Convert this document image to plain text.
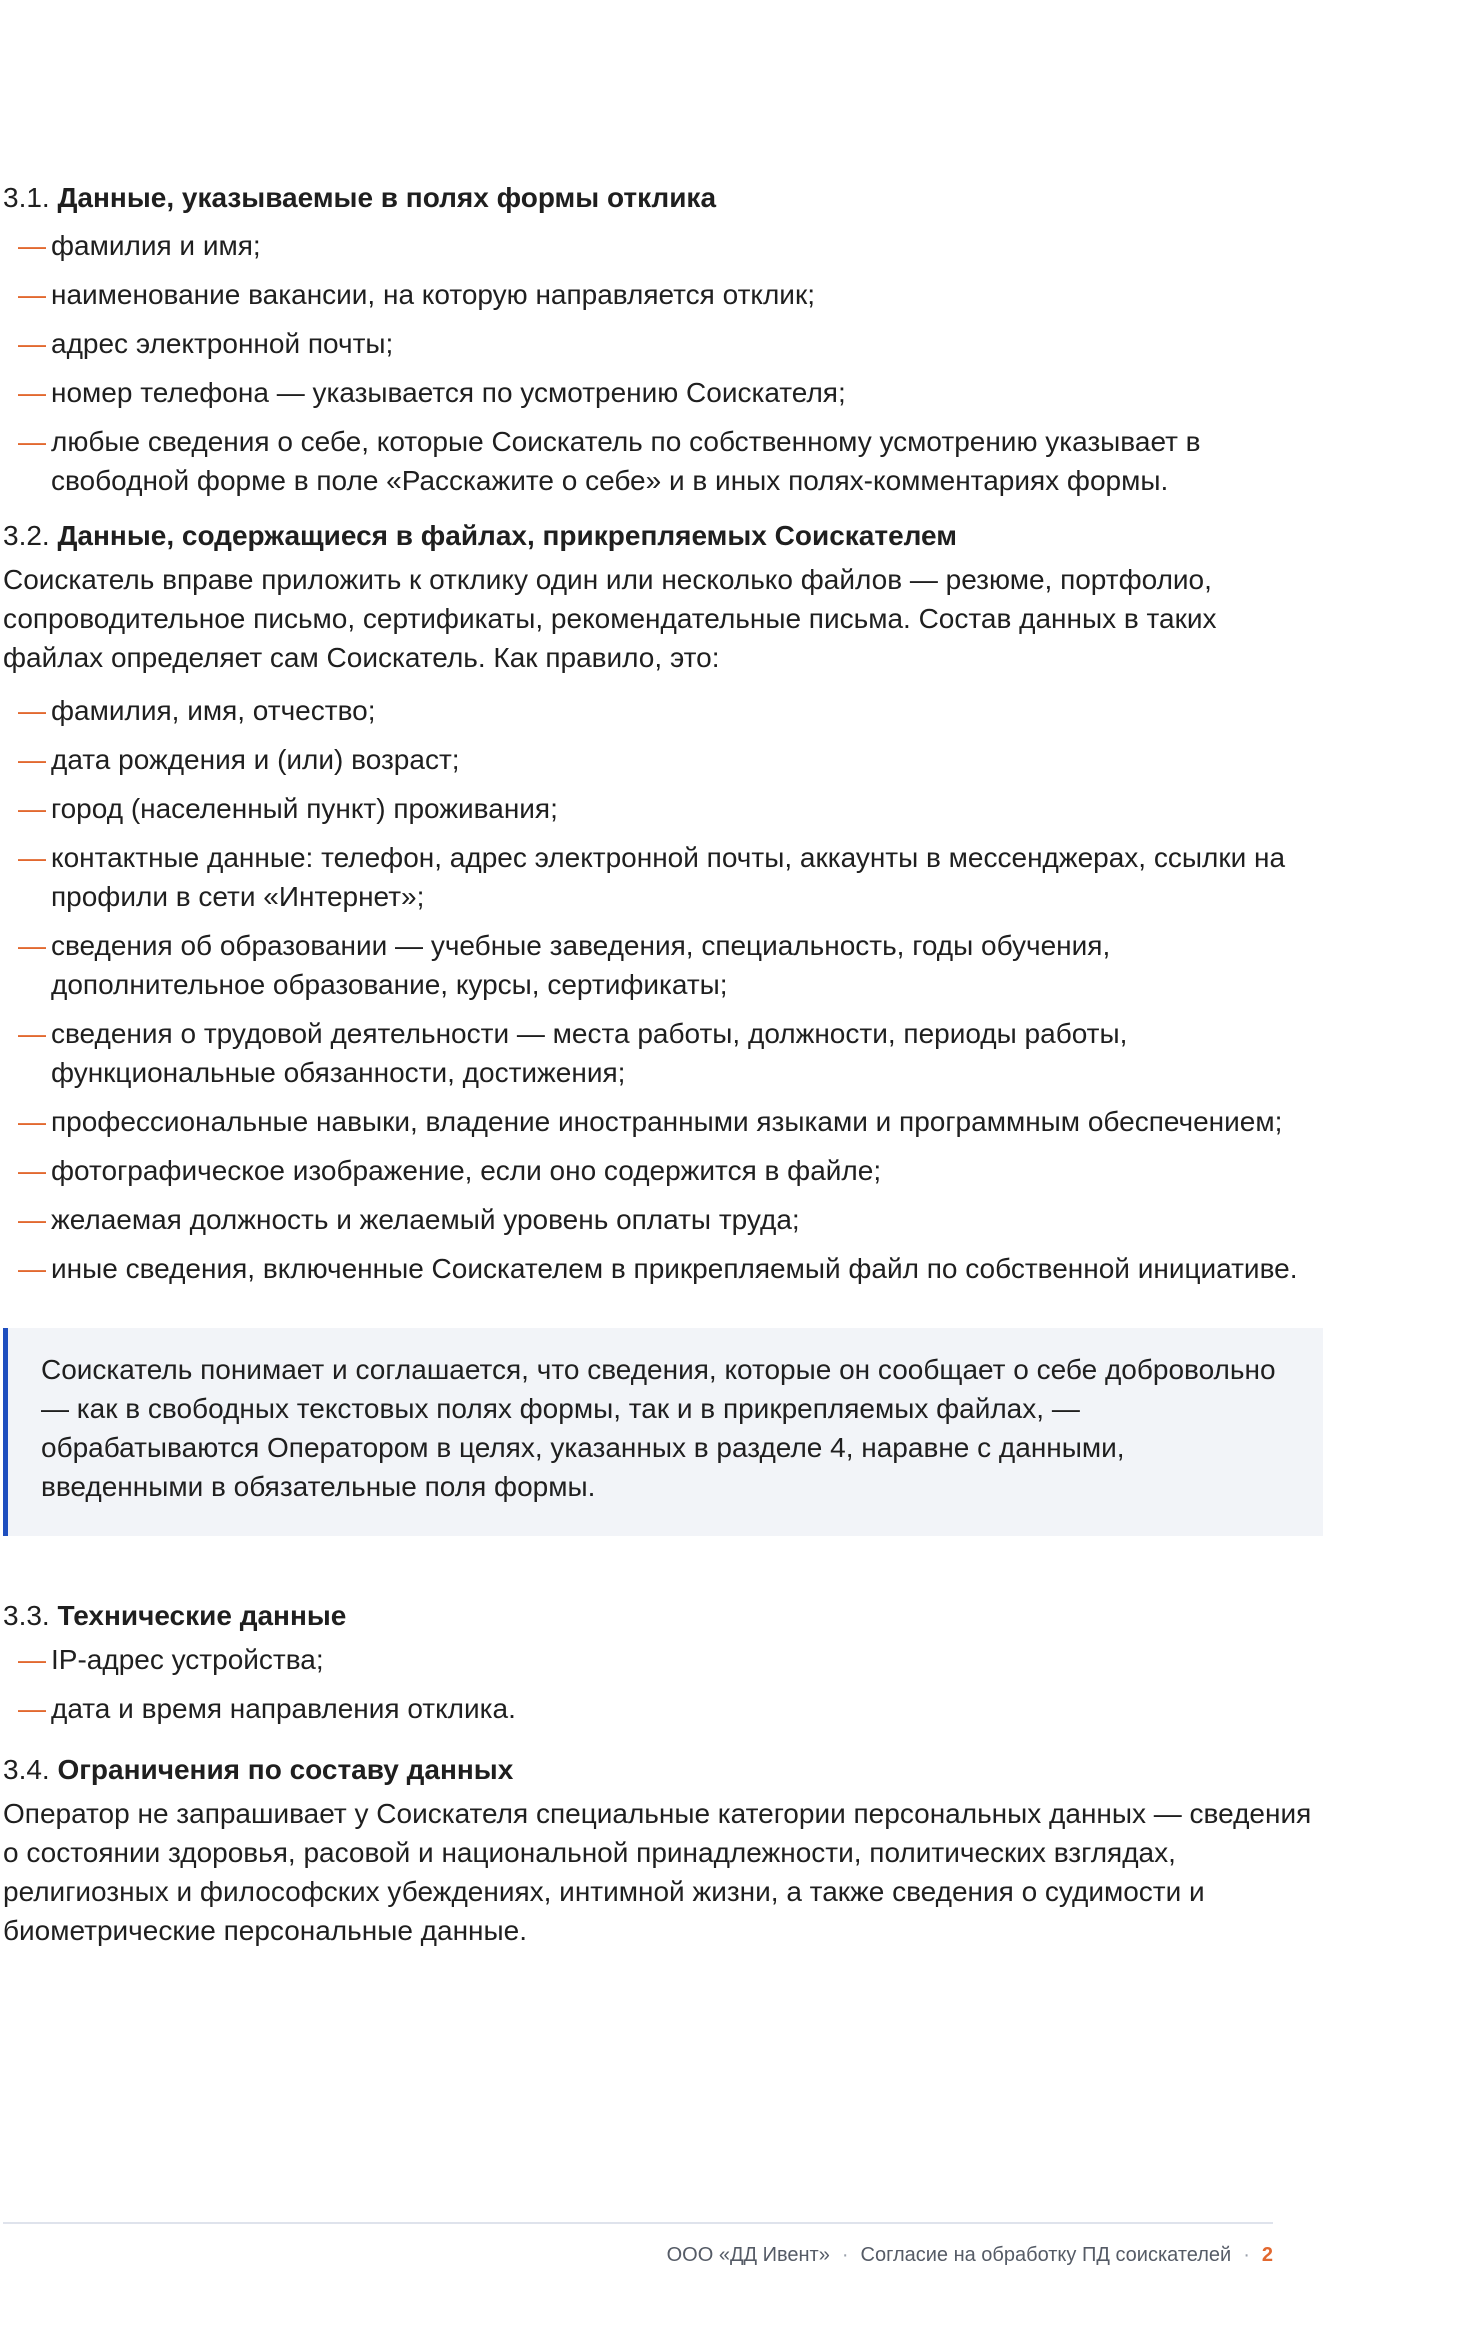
3.1. Данные, указываемые в полях формы отклика
— фамилия и имя;
— наименование вакансии, на которую направляется отклик;
— адрес электронной почты;
— номер телефона — указывается по усмотрению Соискателя;
— любые сведения о себе, которые Соискатель по собственному усмотрению указывает в свободной форме в поле «Расскажите о себе» и в иных полях-комментариях формы.
3.2. Данные, содержащиеся в файлах, прикрепляемых Соискателем

Соискатель вправе приложить к отклику один или несколько файлов — резюме, портфолио, сопроводительное письмо, сертификаты, рекомендательные письма. Состав данных в таких файлах определяет сам Соискатель. Как правило, это:

— фамилия, имя, отчество;
— дата рождения и (или) возраст;
— город (населенный пункт) проживания;
— контактные данные: телефон, адрес электронной почты, аккаунты в мессенджерах, ссылки на профили в сети «Интернет»;
— сведения об образовании — учебные заведения, специальность, годы обучения, дополнительное образование, курсы, сертификаты;
— сведения о трудовой деятельности — места работы, должности, периоды работы, функциональные обязанности, достижения;
— профессиональные навыки, владение иностранными языками и программным обеспечением;
— фотографическое изображение, если оно содержится в файле;
— желаемая должность и желаемый уровень оплаты труда;
— иные сведения, включенные Соискателем в прикрепляемый файл по собственной инициативе.

Соискатель понимает и соглашается, что сведения, которые он сообщает о себе добровольно — как в свободных текстовых полях формы, так и в прикрепляемых файлах, — обрабатываются Оператором в целях, указанных в разделе 4, наравне с данными, введенными в обязательные поля формы.

3.3. Технические данные
— IP-адрес устройства;
— дата и время направления отклика.
3.4. Ограничения по составу данных

Оператор не запрашивает у Соискателя специальные категории персональных данных — сведения о состоянии здоровья, расовой и национальной принадлежности, политических взглядах, религиозных и философских убеждениях, интимной жизни, а также сведения о судимости и биометрические персональные данные.

ООО «ДД Ивент» · Согласие на обработку ПД соискателей · 2
